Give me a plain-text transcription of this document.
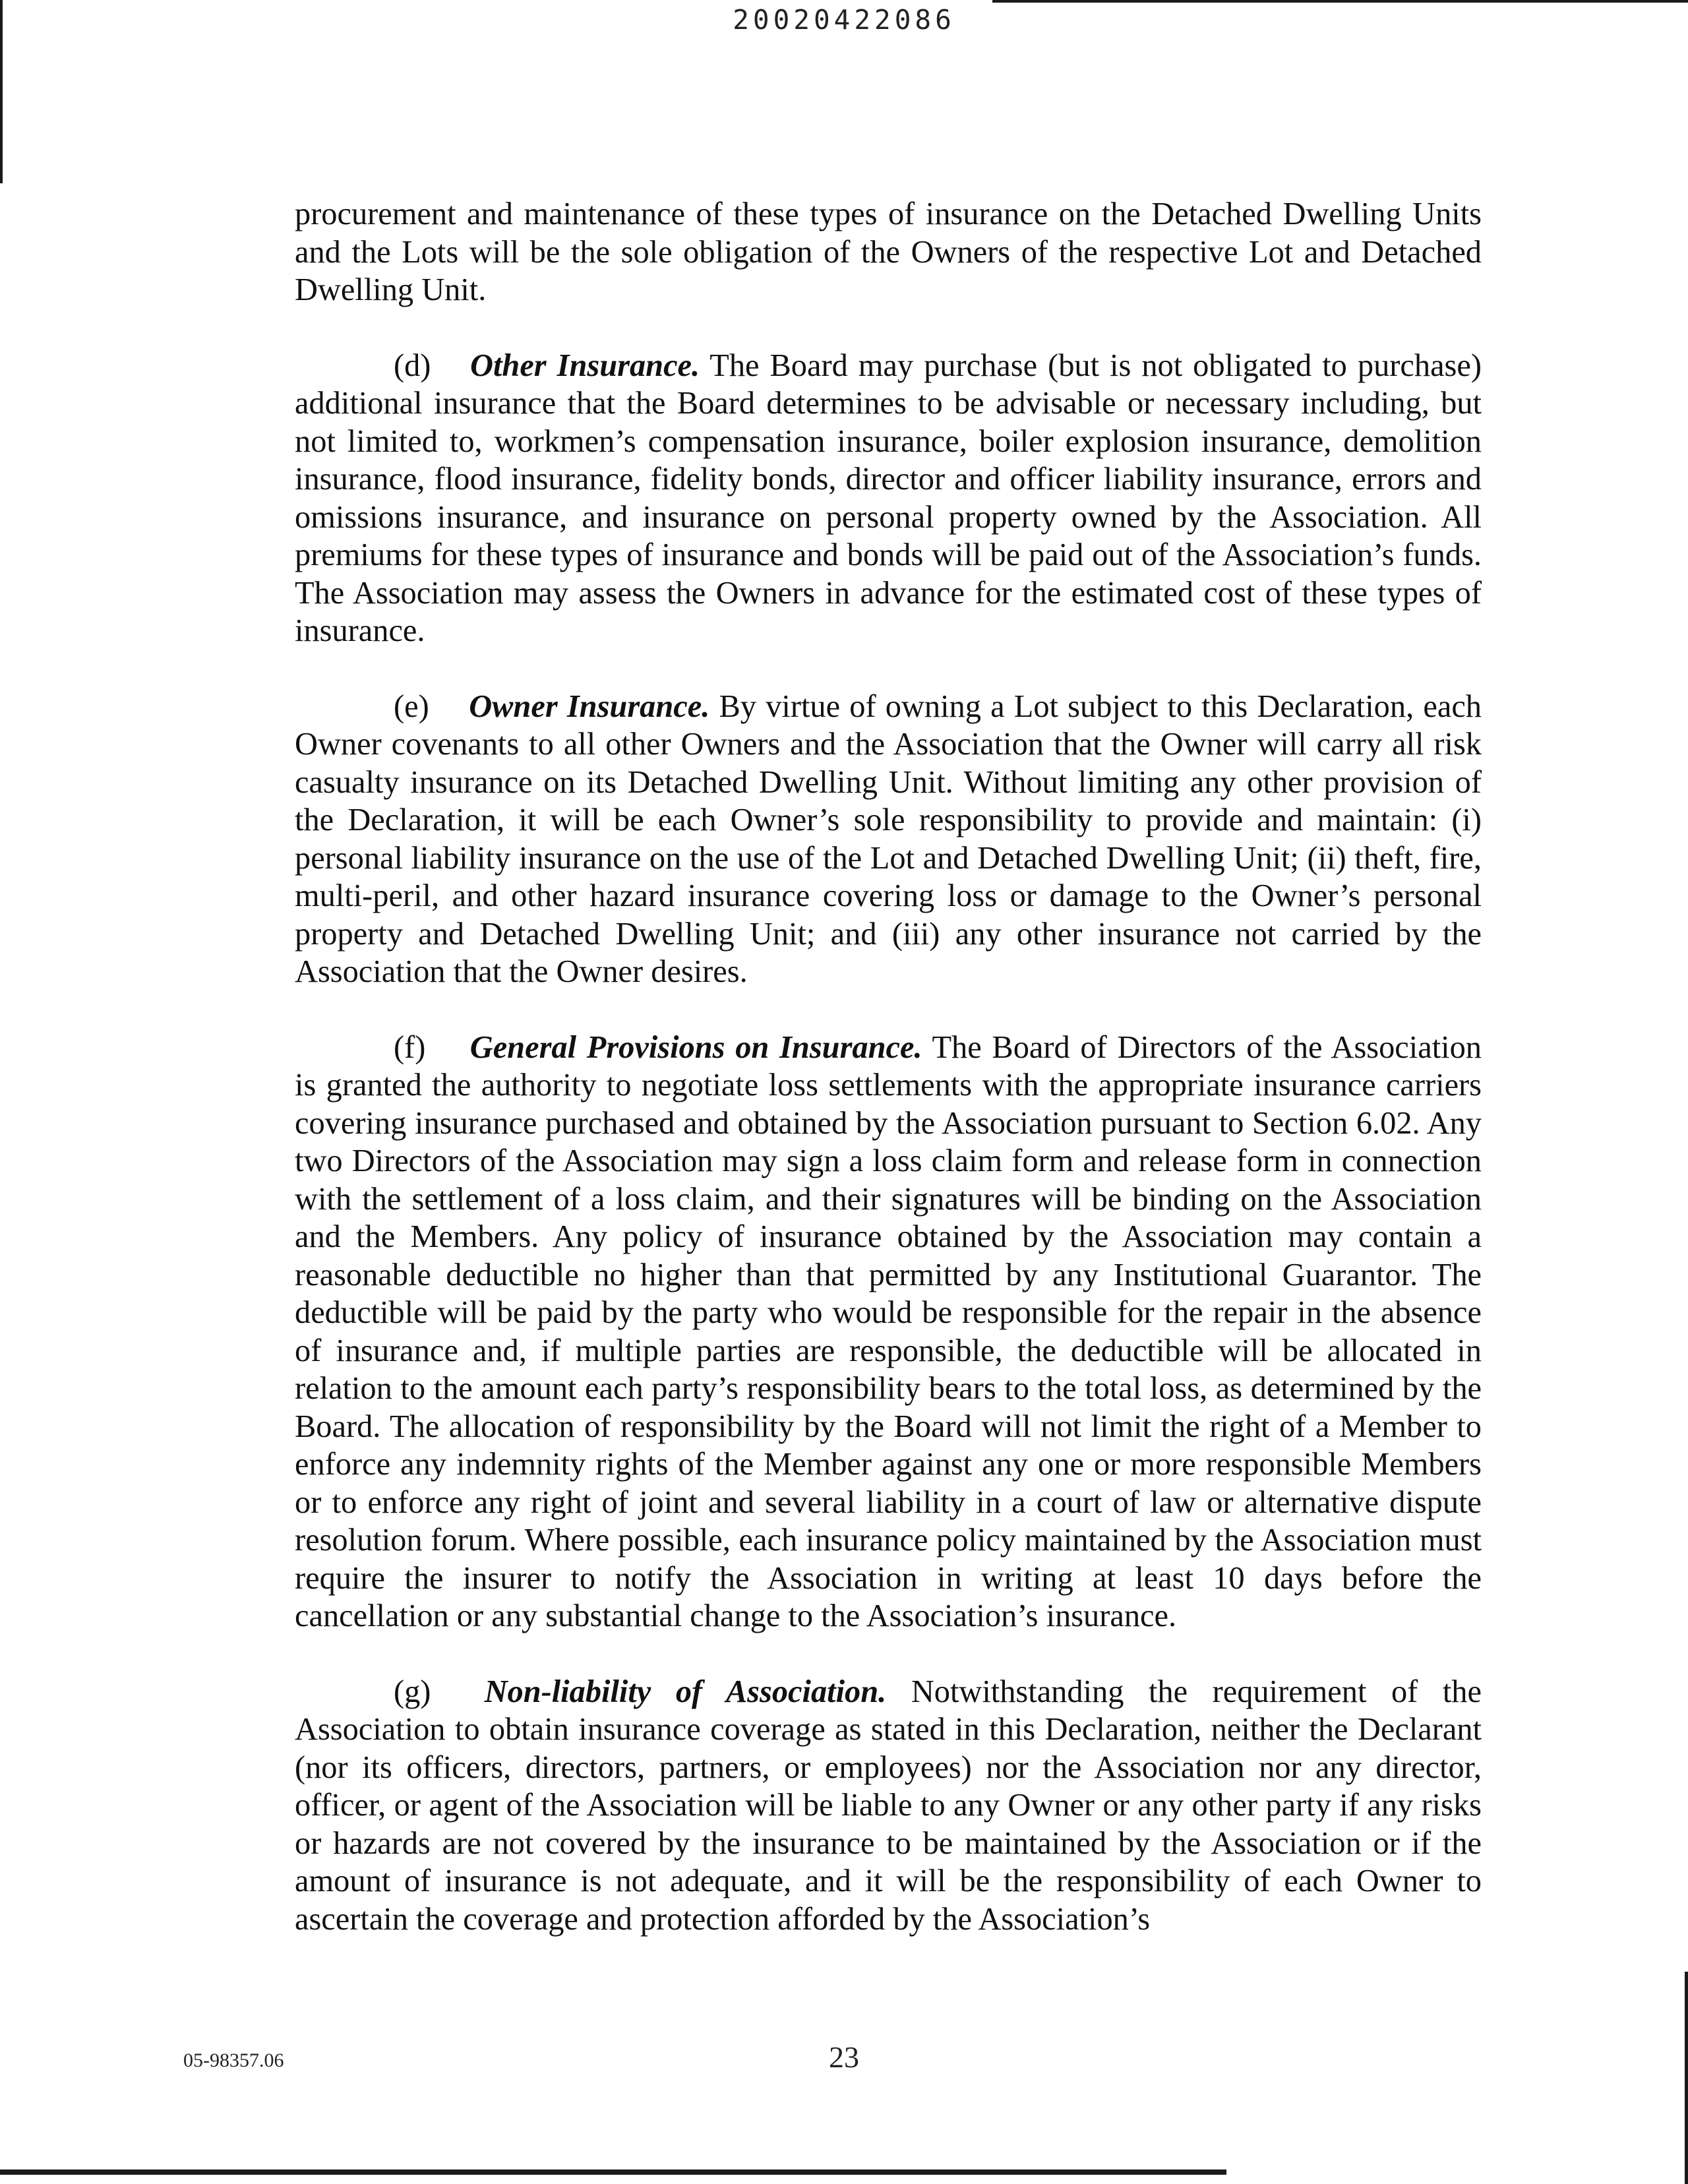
20020422086

procurement and maintenance of these types of insurance on the Detached Dwelling Units and the Lots will be the sole obligation of the Owners of the respective Lot and Detached Dwelling Unit.

(d) Other Insurance. The Board may purchase (but is not obligated to purchase) additional insurance that the Board determines to be advisable or necessary including, but not limited to, workmen’s compensation insurance, boiler explosion insurance, demolition insurance, flood insurance, fidelity bonds, director and officer liability insurance, errors and omissions insurance, and insurance on personal property owned by the Association. All premiums for these types of insurance and bonds will be paid out of the Association’s funds. The Association may assess the Owners in advance for the estimated cost of these types of insurance.

(e) Owner Insurance. By virtue of owning a Lot subject to this Declaration, each Owner covenants to all other Owners and the Association that the Owner will carry all risk casualty insurance on its Detached Dwelling Unit. Without limiting any other provision of the Declaration, it will be each Owner’s sole responsibility to provide and maintain: (i) personal liability insurance on the use of the Lot and Detached Dwelling Unit; (ii) theft, fire, multi-peril, and other hazard insurance covering loss or damage to the Owner’s personal property and Detached Dwelling Unit; and (iii) any other insurance not carried by the Association that the Owner desires.

(f) General Provisions on Insurance. The Board of Directors of the Association is granted the authority to negotiate loss settlements with the appropriate insurance carriers covering insurance purchased and obtained by the Association pursuant to Section 6.02. Any two Directors of the Association may sign a loss claim form and release form in connection with the settlement of a loss claim, and their signatures will be binding on the Association and the Members. Any policy of insurance obtained by the Association may contain a reasonable deductible no higher than that permitted by any Institutional Guarantor. The deductible will be paid by the party who would be responsible for the repair in the absence of insurance and, if multiple parties are responsible, the deductible will be allocated in relation to the amount each party’s responsibility bears to the total loss, as determined by the Board. The allocation of responsibility by the Board will not limit the right of a Member to enforce any indemnity rights of the Member against any one or more responsible Members or to enforce any right of joint and several liability in a court of law or alternative dispute resolution forum. Where possible, each insurance policy maintained by the Association must require the insurer to notify the Association in writing at least 10 days before the cancellation or any substantial change to the Association’s insurance.

(g) Non-liability of Association. Notwithstanding the requirement of the Association to obtain insurance coverage as stated in this Declaration, neither the Declarant (nor its officers, directors, partners, or employees) nor the Association nor any director, officer, or agent of the Association will be liable to any Owner or any other party if any risks or hazards are not covered by the insurance to be maintained by the Association or if the amount of insurance is not adequate, and it will be the responsibility of each Owner to ascertain the coverage and protection afforded by the Association’s

05-98357.06	23
